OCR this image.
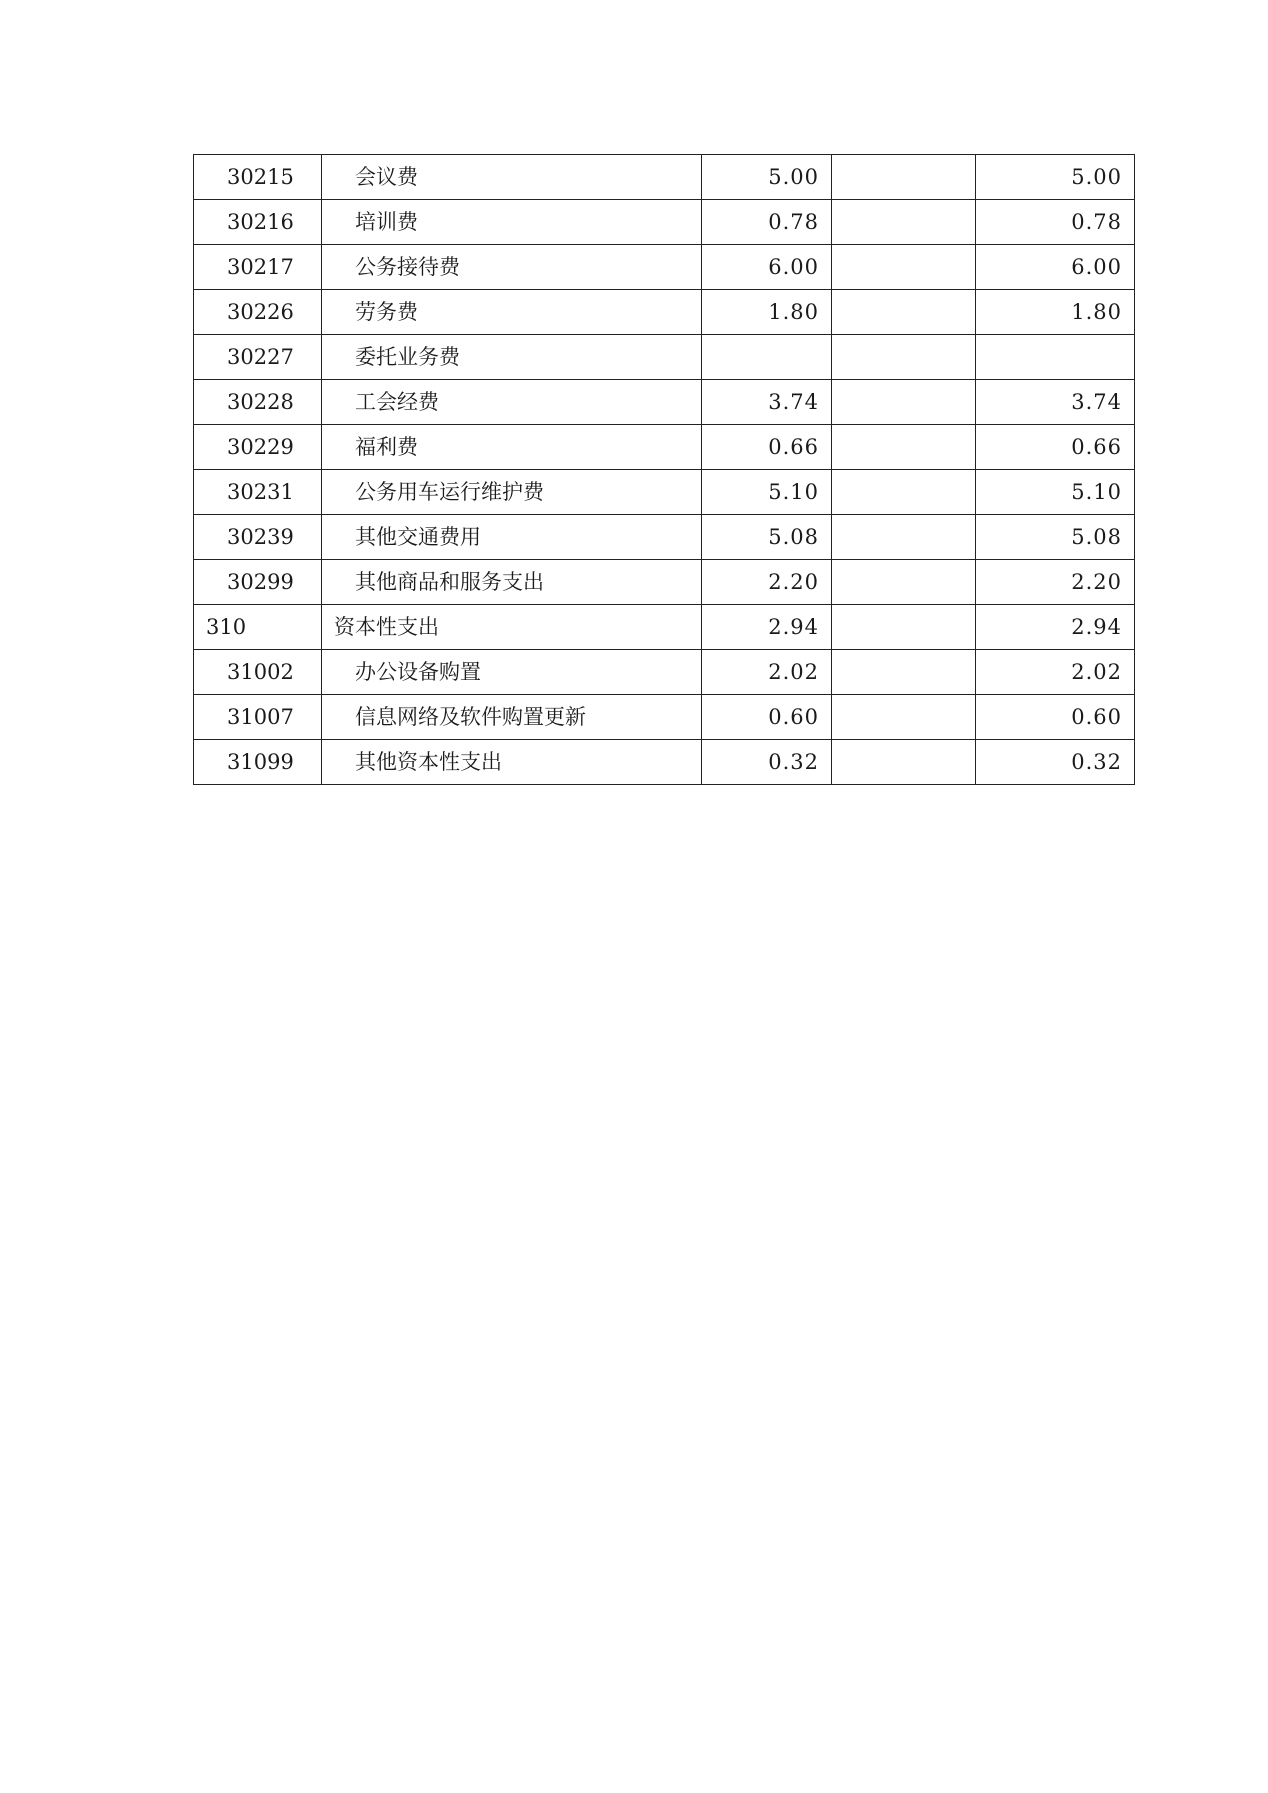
30215	会议费	5.00		5.00
30216	培训费	0.78		0.78
30217	公务接待费	6.00		6.00
30226	劳务费	1.80		1.80
30227	委托业务费			
30228	工会经费	3.74		3.74
30229	福利费	0.66		0.66
30231	公务用车运行维护费	5.10		5.10
30239	其他交通费用	5.08		5.08
30299	其他商品和服务支出	2.20		2.20
310	资本性支出	2.94		2.94
31002	办公设备购置	2.02		2.02
31007	信息网络及软件购置更新	0.60		0.60
31099	其他资本性支出	0.32		0.32
